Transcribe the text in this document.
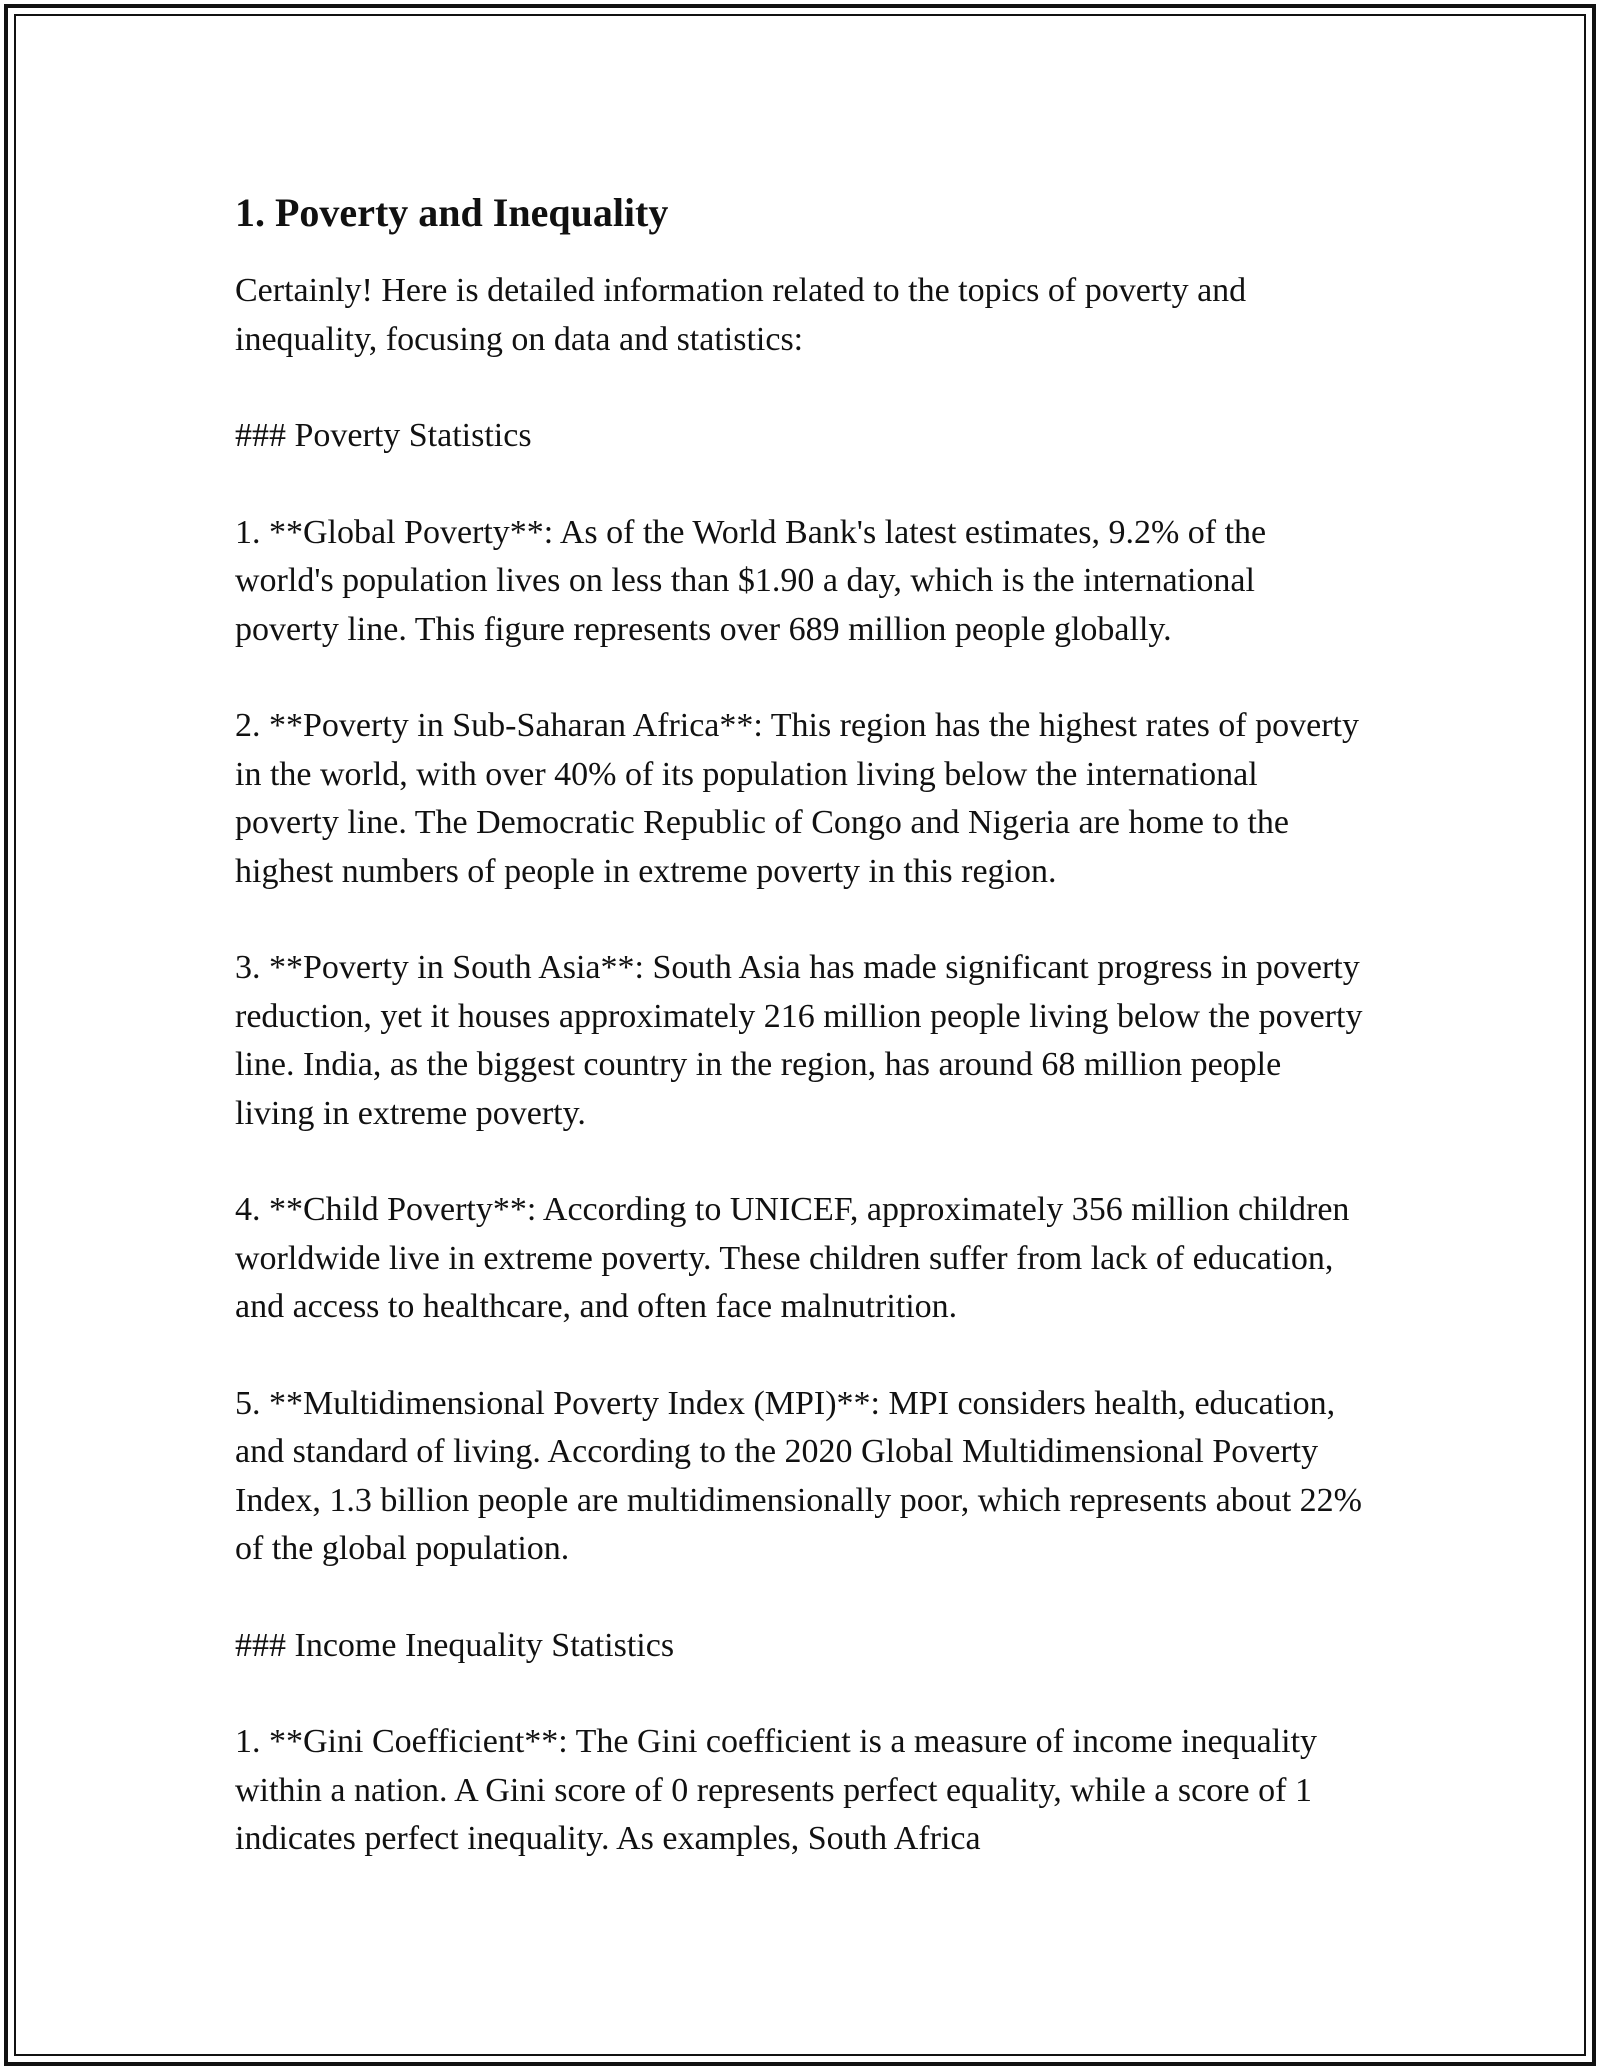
1. Poverty and Inequality

Certainly! Here is detailed information related to the topics of poverty and inequality, focusing on data and statistics:

### Poverty Statistics

1. **Global Poverty**: As of the World Bank's latest estimates, 9.2% of the world's population lives on less than $1.90 a day, which is the international poverty line. This figure represents over 689 million people globally.

2. **Poverty in Sub-Saharan Africa**: This region has the highest rates of poverty in the world, with over 40% of its population living below the international poverty line. The Democratic Republic of Congo and Nigeria are home to the highest numbers of people in extreme poverty in this region.

3. **Poverty in South Asia**: South Asia has made significant progress in poverty reduction, yet it houses approximately 216 million people living below the poverty line. India, as the biggest country in the region, has around 68 million people living in extreme poverty.

4. **Child Poverty**: According to UNICEF, approximately 356 million children worldwide live in extreme poverty. These children suffer from lack of education, and access to healthcare, and often face malnutrition.

5. **Multidimensional Poverty Index (MPI)**: MPI considers health, education, and standard of living. According to the 2020 Global Multidimensional Poverty Index, 1.3 billion people are multidimensionally poor, which represents about 22% of the global population.

### Income Inequality Statistics

1. **Gini Coefficient**: The Gini coefficient is a measure of income inequality within a nation. A Gini score of 0 represents perfect equality, while a score of 1 indicates perfect inequality. As examples, South Africa
